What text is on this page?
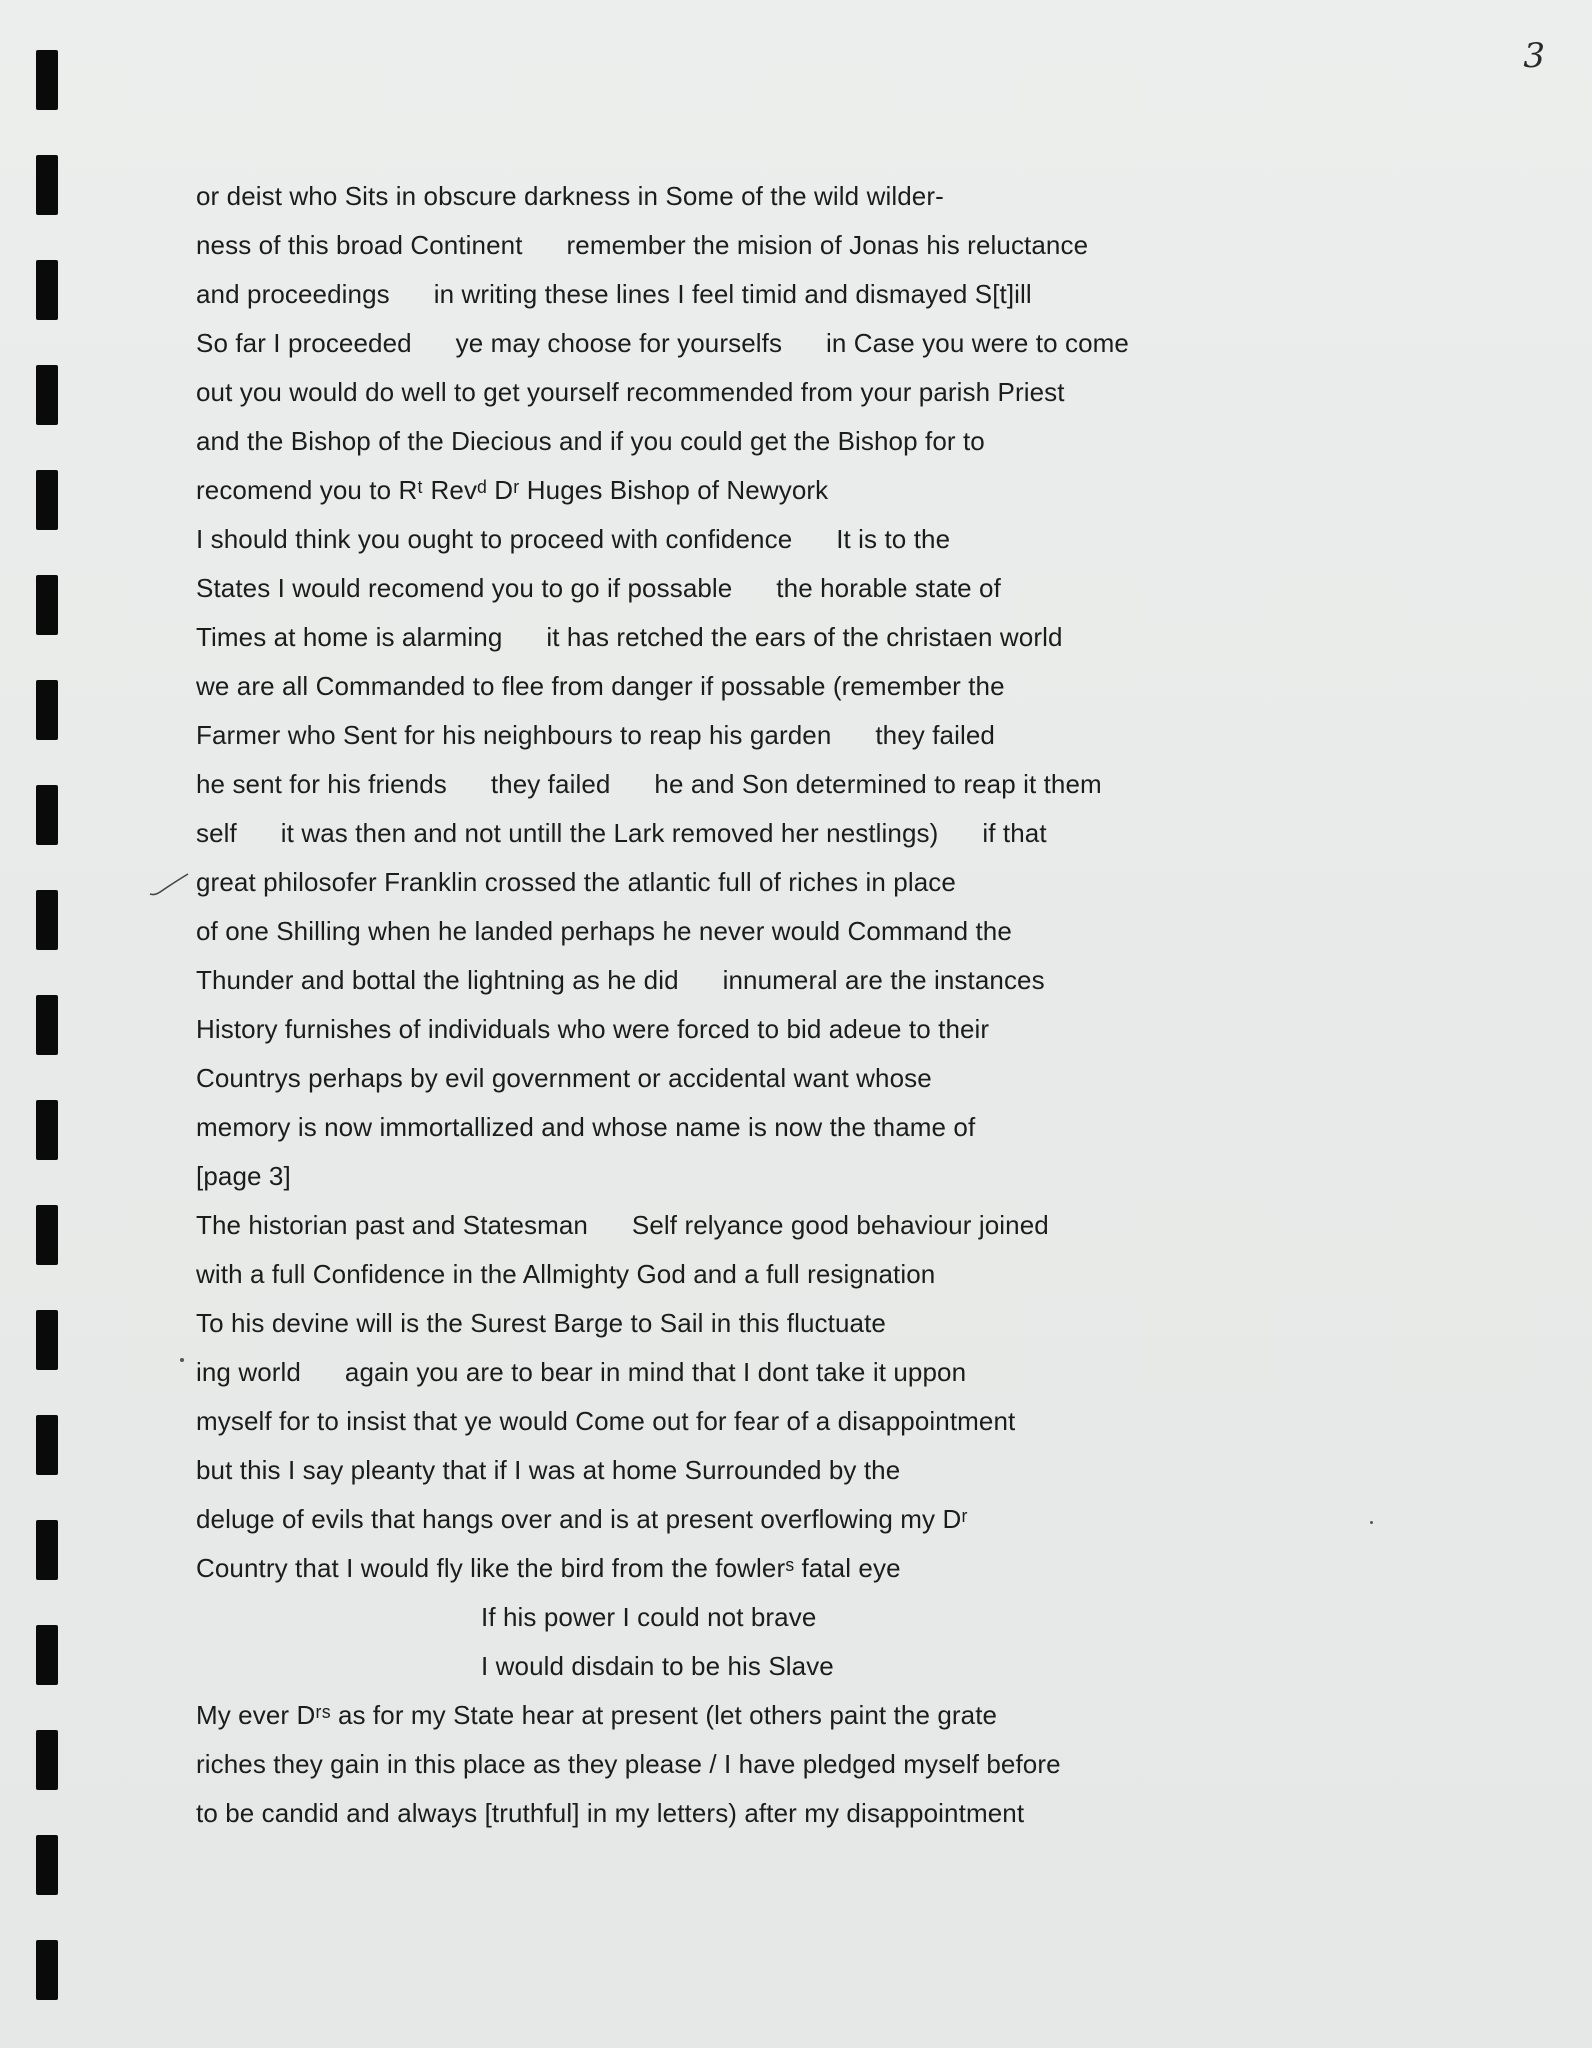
3
or deist who Sits in obscure darkness in Some of the wild wilder-
ness of this broad Continent      remember the mision of Jonas his reluctance
and proceedings      in writing these lines I feel timid and dismayed S[t]ill
So far I proceeded      ye may choose for yourselfs      in Case you were to come
out you would do well to get yourself recommended from your parish Priest
and the Bishop of the Diecious and if you could get the Bishop for to
recomend you to Rᵗ Revᵈ Dʳ Huges Bishop of Newyork
I should think you ought to proceed with confidence      It is to the
States I would recomend you to go if possable      the horable state of
Times at home is alarming      it has retched the ears of the christaen world
we are all Commanded to flee from danger if possable (remember the
Farmer who Sent for his neighbours to reap his garden      they failed
he sent for his friends      they failed      he and Son determined to reap it them
self      it was then and not untill the Lark removed her nestlings)      if that
great philosofer Franklin crossed the atlantic full of riches in place
of one Shilling when he landed perhaps he never would Command the
Thunder and bottal the lightning as he did      innumeral are the instances
History furnishes of individuals who were forced to bid adeue to their
Countrys perhaps by evil government or accidental want whose
memory is now immortallized and whose name is now the thame of
[page 3]
The historian past and Statesman      Self relyance good behaviour joined
with a full Confidence in the Allmighty God and a full resignation
To his devine will is the Surest Barge to Sail in this fluctuate
ing world      again you are to bear in mind that I dont take it uppon
myself for to insist that ye would Come out for fear of a disappointment
but this I say pleanty that if I was at home Surrounded by the
deluge of evils that hangs over and is at present overflowing my Dʳ
Country that I would fly like the bird from the fowlerˢ fatal eye
If his power I could not brave
I would disdain to be his Slave
My ever Dʳˢ as for my State hear at present (let others paint the grate
riches they gain in this place as they please / I have pledged myself before
to be candid and always [truthful] in my letters) after my disappointment
